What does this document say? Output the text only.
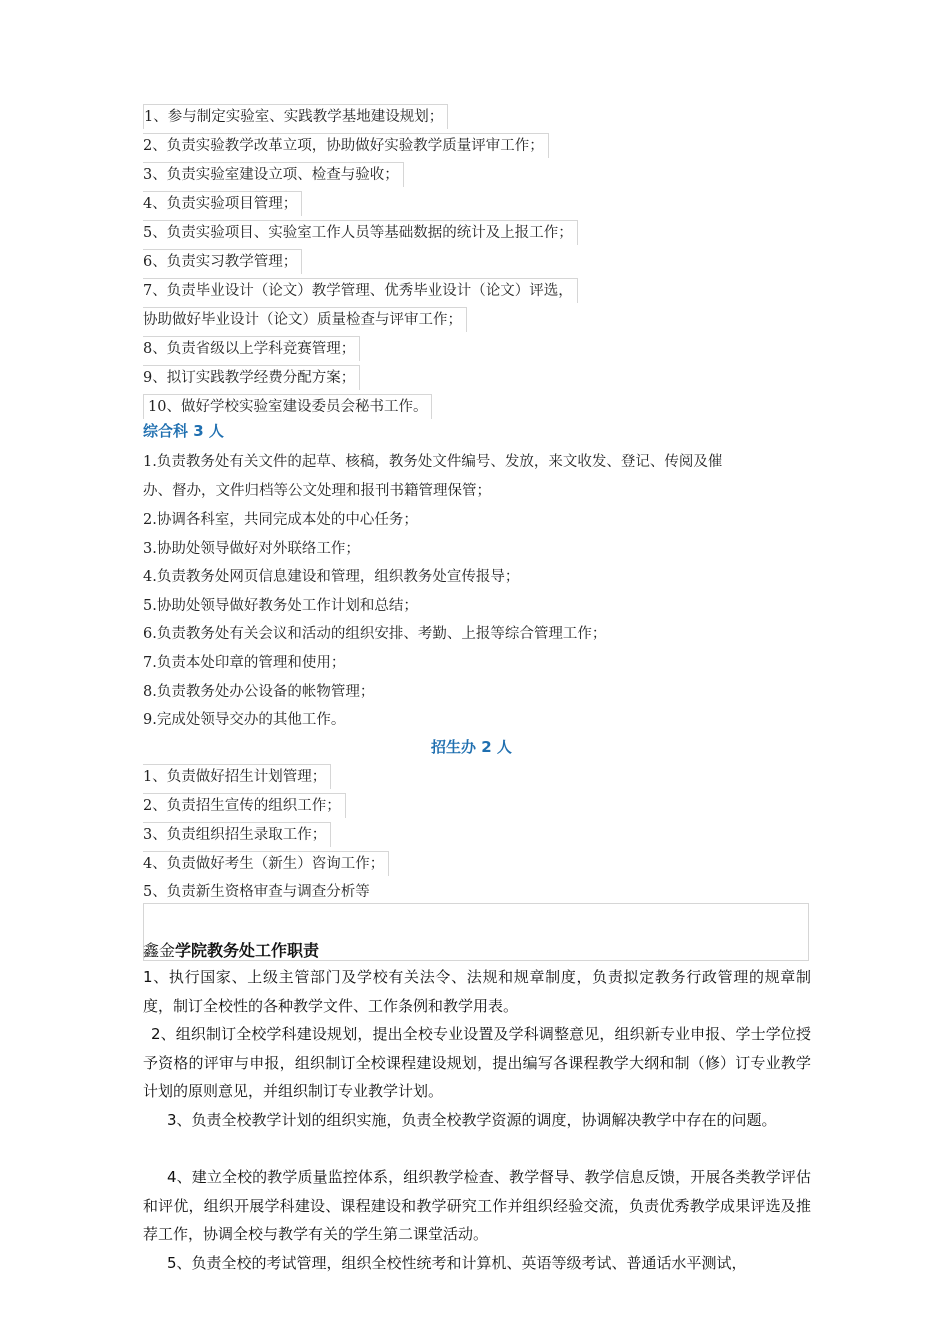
1、参与制定实验室、实践教学基地建设规划；
2、负责实验教学改革立项，协助做好实验教学质量评审工作；
3、负责实验室建设立项、检查与验收；
4、负责实验项目管理；
5、负责实验项目、实验室工作人员等基础数据的统计及上报工作；
6、负责实习教学管理；
7、负责毕业设计（论文）教学管理、优秀毕业设计（论文）评选，
协助做好毕业设计（论文）质量检查与评审工作；
8、负责省级以上学科竞赛管理；
9、拟订实践教学经费分配方案；
10、做好学校实验室建设委员会秘书工作。
综合科 3 人
1.负责教务处有关文件的起草、核稿，教务处文件编号、发放，来文收发、登记、传阅及催
办、督办，文件归档等公文处理和报刊书籍管理保管；
2.协调各科室，共同完成本处的中心任务；
3.协助处领导做好对外联络工作；
4.负责教务处网页信息建设和管理，组织教务处宣传报导；
5.协助处领导做好教务处工作计划和总结；
6.负责教务处有关会议和活动的组织安排、考勤、上报等综合管理工作；
7.负责本处印章的管理和使用；
8.负责教务处办公设备的帐物管理；
9.完成处领导交办的其他工作。
招生办 2 人
1、负责做好招生计划管理；
2、负责招生宣传的组织工作；
3、负责组织招生录取工作；
4、负责做好考生（新生）咨询工作；
5、负责新生资格审查与调查分析等
鑫金学院教务处工作职责
1、执行国家、上级主管部门及学校有关法令、法规和规章制度，负责拟定教务行政管理的规章制度，制订全校性的各种教学文件、工作条例和教学用表。
2、组织制订全校学科建设规划，提出全校专业设置及学科调整意见，组织新专业申报、学士学位授予资格的评审与申报，组织制订全校课程建设规划，提出编写各课程教学大纲和制（修）订专业教学计划的原则意见，并组织制订专业教学计划。
3、负责全校教学计划的组织实施，负责全校教学资源的调度，协调解决教学中存在的问题。
4、建立全校的教学质量监控体系，组织教学检查、教学督导、教学信息反馈，开展各类教学评估和评优，组织开展学科建设、课程建设和教学研究工作并组织经验交流，负责优秀教学成果评选及推荐工作，协调全校与教学有关的学生第二课堂活动。
5、负责全校的考试管理，组织全校性统考和计算机、英语等级考试、普通话水平测试，
